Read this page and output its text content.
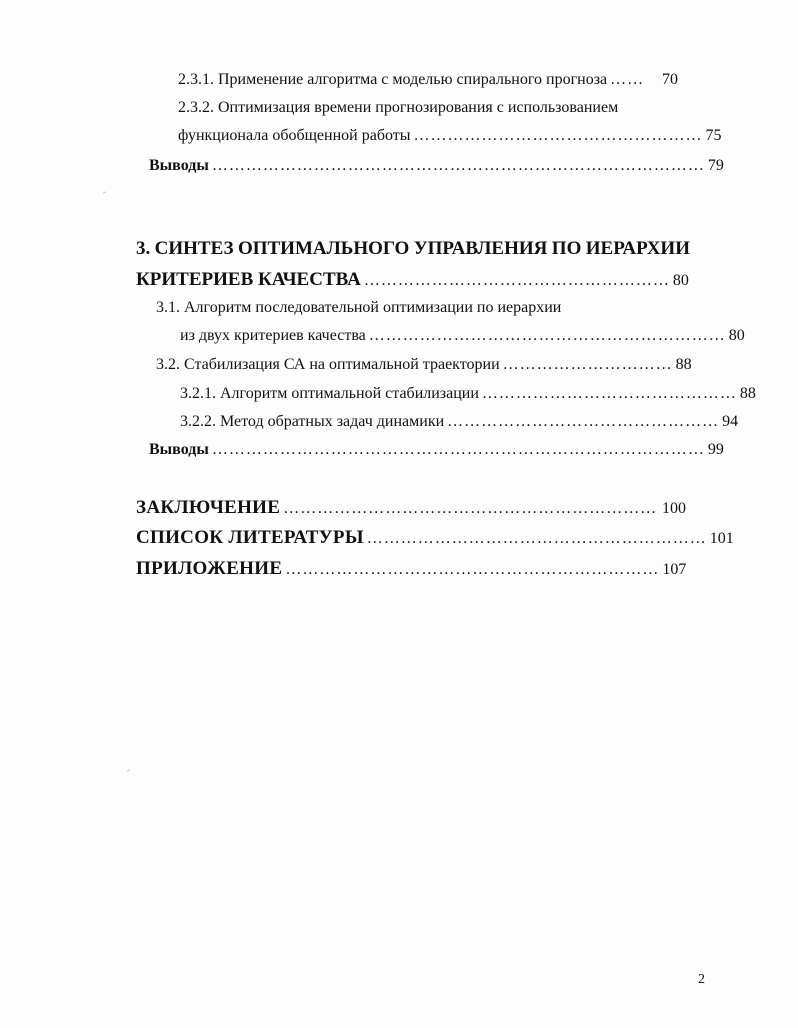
2.3.1. Применение алгоритма с моделью спирального прогноза ……	70
2.3.2. Оптимизация времени прогнозирования с использованием
функционала обобщенной работы …………………………………………… 75
Выводы …………………………………………………………………………… 79
3. СИНТЕЗ ОПТИМАЛЬНОГО УПРАВЛЕНИЯ ПО ИЕРАРХИИ
КРИТЕРИЕВ КАЧЕСТВА ……………………………………………… 80
3.1. Алгоритм последовательной оптимизации по иерархии
из двух критериев качества ……………………………………………………… 80
3.2. Стабилизация СА на оптимальной траектории ………………………… 88
3.2.1. Алгоритм оптимальной стабилизации ……………………………………… 88
3.2.2. Метод обратных задач динамики ………………………………………… 94
Выводы …………………………………………………………………………… 99
ЗАКЛЮЧЕНИЕ ………………………………………………………… 100
СПИСОК ЛИТЕРАТУРЫ …………………………………………………… 101
ПРИЛОЖЕНИЕ ………………………………………………………… 107
2
